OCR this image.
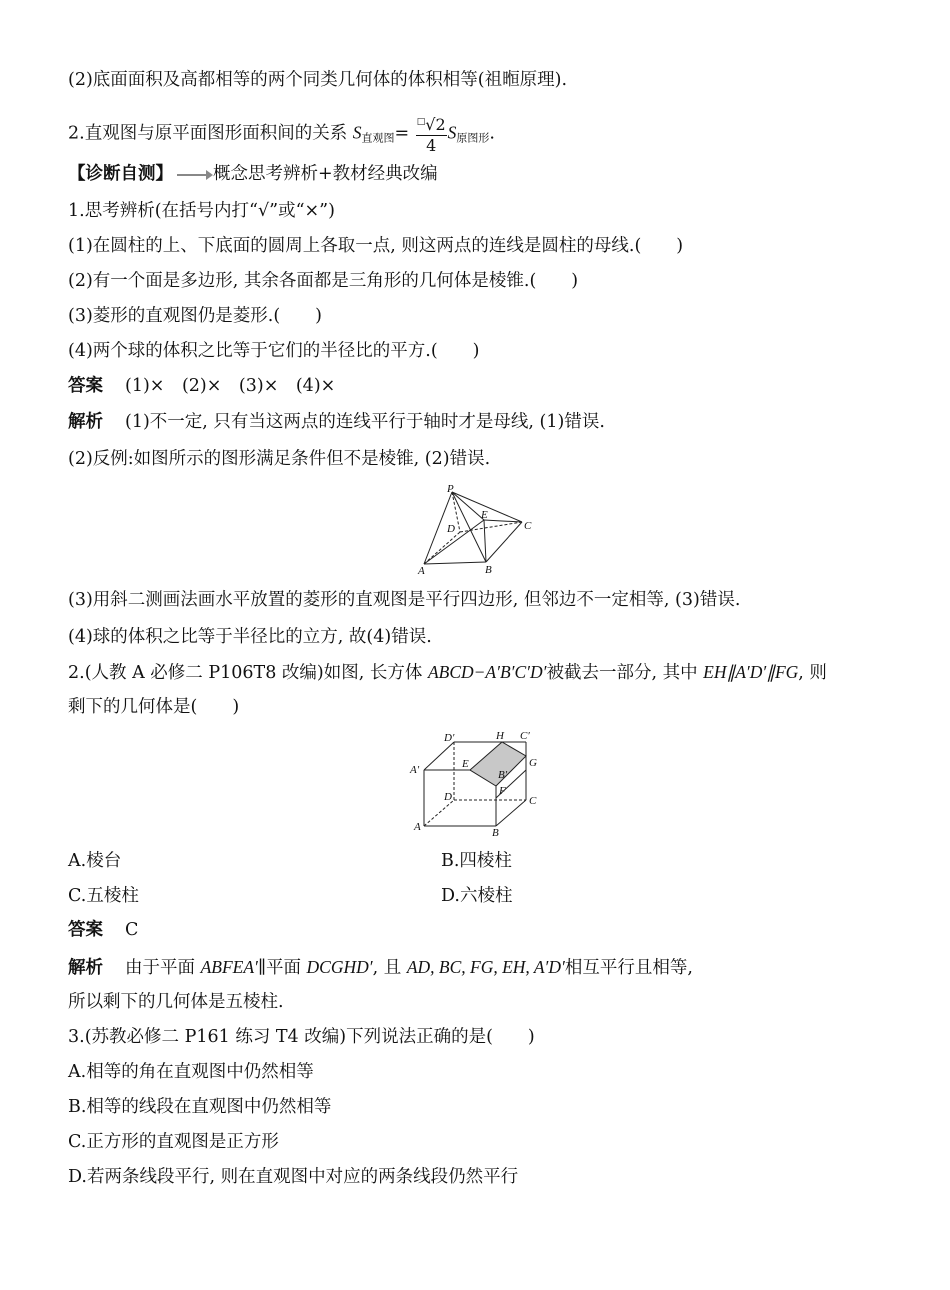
(2)底面面积及高都相等的两个同类几何体的体积相等(祖暅原理).
2.直观图与原平面图形面积间的关系 $S_{直观图}= \frac{^□√2}{4} S_{原图形}$.
【诊断自测】 概念思考辨析+教材经典改编
1.思考辨析(在括号内打“√”或“×”)
(1)在圆柱的上、下底面的圆周上各取一点, 则这两点的连线是圆柱的母线.(　　)
(2)有一个面是多边形, 其余各面都是三角形的几何体是棱锥.(　　)
(3)菱形的直观图仍是菱形.(　　)
(4)两个球的体积之比等于它们的半径比的平方.(　　)
答案 (1)×　(2)×　(3)×　(4)×
解析 (1)不一定, 只有当这两点的连线平行于轴时才是母线, (1)错误.
(2)反例:如图所示的图形满足条件但不是棱锥, (2)错误.
P
D
E
C
A	B
(3)用斜二测画法画水平放置的菱形的直观图是平行四边形, 但邻边不一定相等, (3)错误.
(4)球的体积之比等于半径比的立方, 故(4)错误.
2.(人教 A 必修二 P106T8 改编)如图, 长方体 ABCD−A′B′C′D′被截去一部分, 其中 EH∥A′D′∥FG, 则
剩下的几何体是(　　)
D′	H C′
A′	E	G
B′
D	F
C
A	B
A.棱台	B.四棱柱
C.五棱柱	D.六棱柱
答案 C
解析 由于平面 ABFEA′∥平面 DCGHD′, 且 AD, BC, FG, EH, A′D′相互平行且相等,
所以剩下的几何体是五棱柱.
3.(苏教必修二 P161 练习 T4 改编)下列说法正确的是(　　)
A.相等的角在直观图中仍然相等
B.相等的线段在直观图中仍然相等
C.正方形的直观图是正方形
D.若两条线段平行, 则在直观图中对应的两条线段仍然平行
